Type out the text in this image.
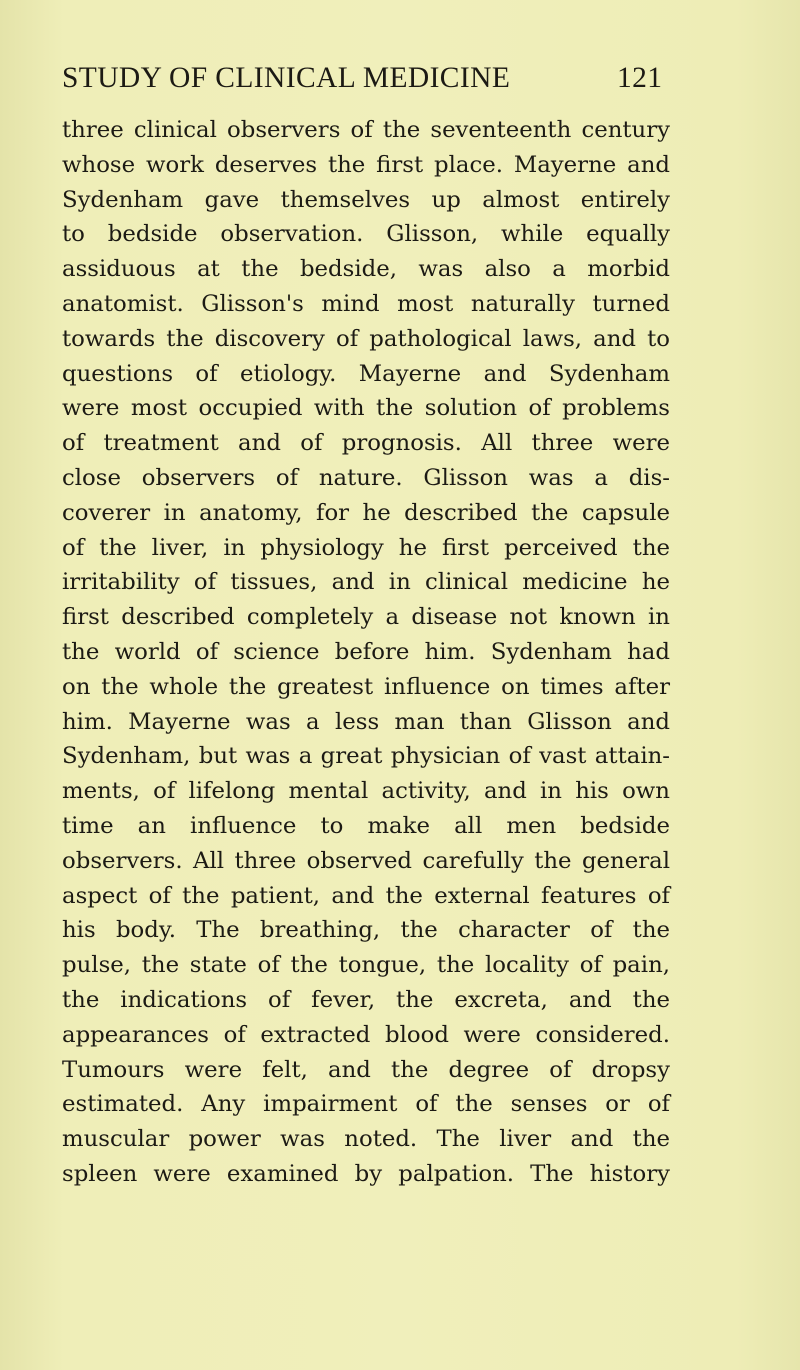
STUDY OF CLINICAL MEDICINE	121
three clinical observers of the seventeenth century
whose work deserves the first place. Mayerne and
Sydenham gave themselves up almost entirely
to bedside observation. Glisson, while equally
assiduous at the bedside, was also a morbid
anatomist. Glisson's mind most naturally turned
towards the discovery of pathological laws, and to
questions of etiology. Mayerne and Sydenham
were most occupied with the solution of problems
of treatment and of prognosis. All three were
close observers of nature. Glisson was a dis-
coverer in anatomy, for he described the capsule
of the liver, in physiology he first perceived the
irritability of tissues, and in clinical medicine he
first described completely a disease not known in
the world of science before him. Sydenham had
on the whole the greatest influence on times after
him. Mayerne was a less man than Glisson and
Sydenham, but was a great physician of vast attain-
ments, of lifelong mental activity, and in his own
time an influence to make all men bedside
observers. All three observed carefully the general
aspect of the patient, and the external features of
his body. The breathing, the character of the
pulse, the state of the tongue, the locality of pain,
the indications of fever, the excreta, and the
appearances of extracted blood were considered.
Tumours were felt, and the degree of dropsy
estimated. Any impairment of the senses or of
muscular power was noted. The liver and the
spleen were examined by palpation. The history
